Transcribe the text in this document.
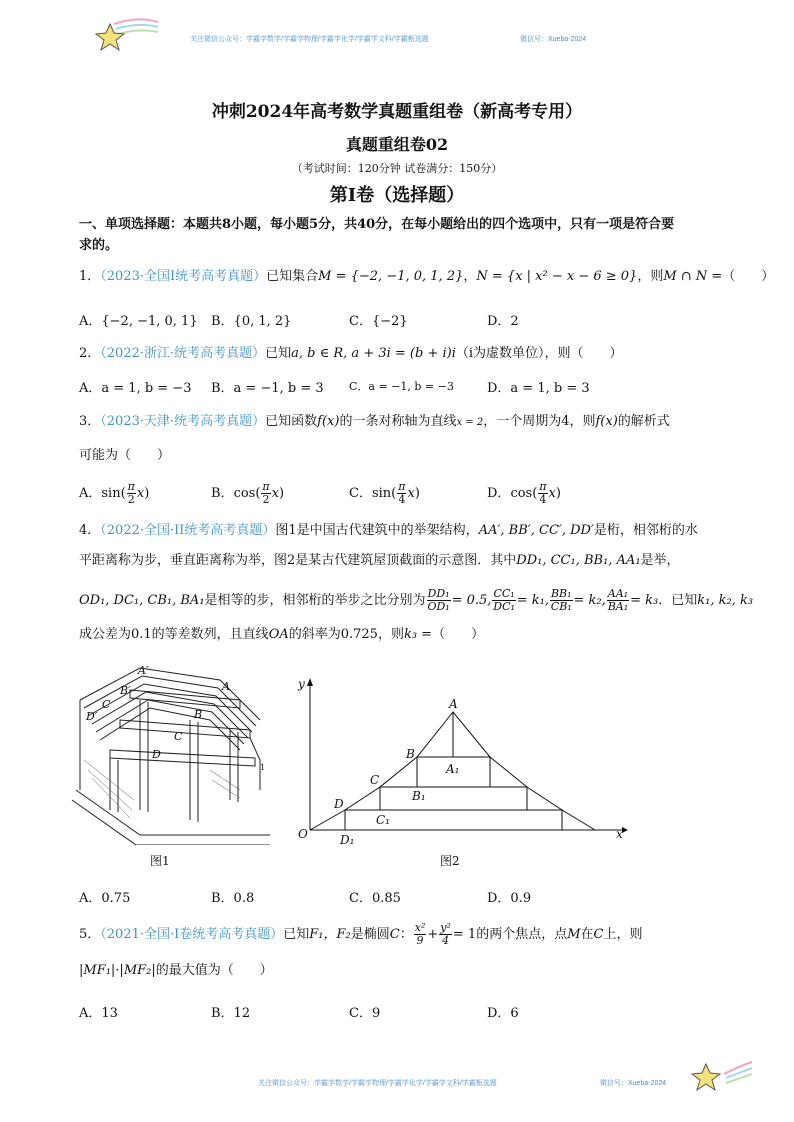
关注微信公众号：学霸学数学/学霸学物理/学霸学化学/学霸学文科/学霸甄选题	微信号：Xueba-2024
冲刺2024年高考数学真题重组卷（新高考专用）
真题重组卷02
（考试时间：120分钟 试卷满分：150分）
第I卷（选择题）
一、单项选择题：本题共8小题，每小题5分，共40分，在每小题给出的四个选项中，只有一项是符合要
求的。
1．（2023·全国Ⅰ统考高考真题）已知集合M = {−2, −1, 0, 1, 2}，N = {x | x² − x − 6 ≥ 0}，则M ∩ N =（　　）
A．{−2, −1, 0, 1} B．{0, 1, 2}	C．{−2}	D．2
2．（2022·浙江·统考高考真题）已知a, b ∈ R, a + 3i = (b + i)i（i为虚数单位），则（　　）
A．a = 1, b = −3 B．a = −1, b = 3 C．a = −1, b = −3	D．a = 1, b = 3
3．（2023·天津·统考高考真题）已知函数f(x)的一条对称轴为直线x = 2，一个周期为4，则f(x)的解析式
可能为（　　）
A．$\sin( \frac{\pi}{2} x)$	B．$\cos( \frac{\pi}{2} x)$	C．$\sin( \frac{\pi}{4} x)$	D．$\cos( \frac{\pi}{4} x)$
4．（2022·全国·II统考高考真题）图1是中国古代建筑中的举架结构，AA′, BB′, CC′, DD′是桁，相邻桁的水
平距离称为步，垂直距离称为举，图2是某古代建筑屋顶截面的示意图．其中DD₁, CC₁, BB₁, AA₁是举，
OD₁, DC₁, CB₁, BA₁是相等的步，相邻桁的举步之比分别为 $\frac{\text{DD₁}}{\text{OD₁}} = 0.5$, $\frac{\text{CC₁}}{\text{DC₁}} = k_1$, $\frac{\text{BB₁}}{\text{CB₁}} = k_2$, $\frac{\text{AA₁}}{\text{BA₁}} = k_3$．已知k₁, k₂, k₃
成公差为0.1的等差数列，且直线OA的斜率为0.725，则k₃ =（　　）
A′
B′
C
D′
A
B
C
D
1
图1
y
A
B
A₁
C
B₁
D
C₁
O	D₁	x
图2
A．0.75	B．0.8	C．0.85	D．0.9
5．（2021·全国·I卷统考高考真题）已知F₁，F₂是椭圆C： $\frac{\text{x²}}{9} + \frac{\text{y²}}{4} = 1$的两个焦点，点M在C上，则
|MF₁|·|MF₂|的最大值为（　　）
A．13	B．12	C．9	D．6
关注微信公众号：学霸学数学/学霸学物理/学霸学化学/学霸学文科/学霸甄选题	微信号：Xueba-2024
